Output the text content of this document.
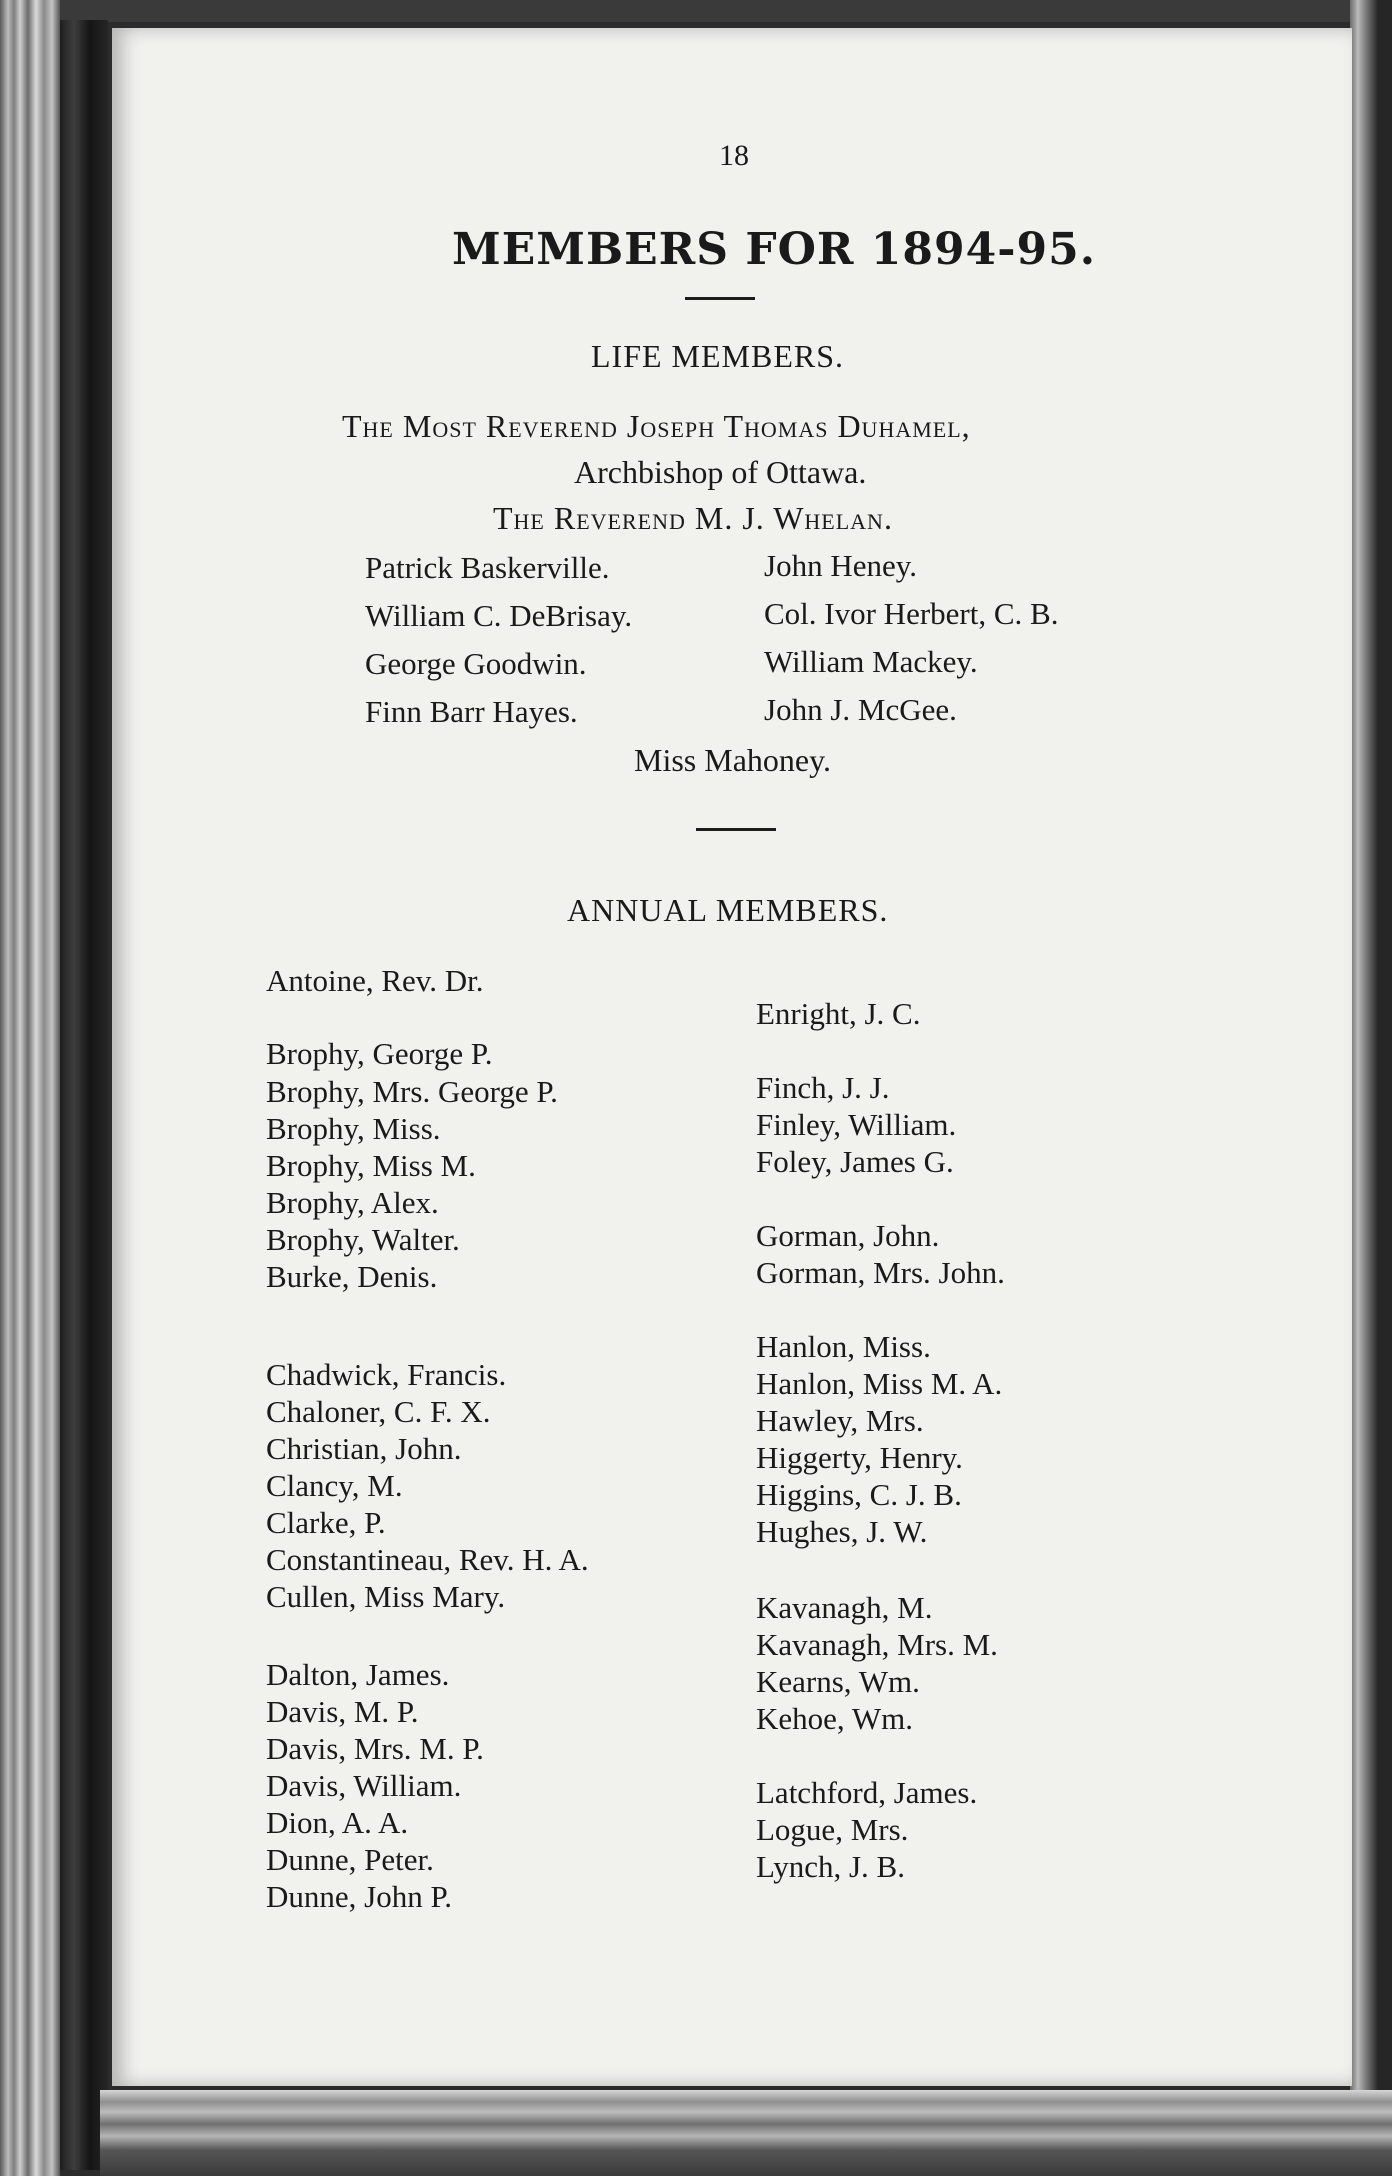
18
MEMBERS FOR 1894-95.
LIFE MEMBERS.
The Most Reverend Joseph Thomas Duhamel,
Archbishop of Ottawa.
The Reverend M. J. Whelan.
Patrick Baskerville.
William C. DeBrisay.
George Goodwin.
Finn Barr Hayes.
John Heney.
Col. Ivor Herbert, C. B.
William Mackey.
John J. McGee.
Miss Mahoney.
ANNUAL MEMBERS.
Antoine, Rev. Dr.
Brophy, George P.
Brophy, Mrs. George P.
Brophy, Miss.
Brophy, Miss M.
Brophy, Alex.
Brophy, Walter.
Burke, Denis.
Chadwick, Francis.
Chaloner, C. F. X.
Christian, John.
Clancy, M.
Clarke, P.
Constantineau, Rev. H. A.
Cullen, Miss Mary.
Dalton, James.
Davis, M. P.
Davis, Mrs. M. P.
Davis, William.
Dion, A. A.
Dunne, Peter.
Dunne, John P.
Enright, J. C.
Finch, J. J.
Finley, William.
Foley, James G.
Gorman, John.
Gorman, Mrs. John.
Hanlon, Miss.
Hanlon, Miss M. A.
Hawley, Mrs.
Higgerty, Henry.
Higgins, C. J. B.
Hughes, J. W.
Kavanagh, M.
Kavanagh, Mrs. M.
Kearns, Wm.
Kehoe, Wm.
Latchford, James.
Logue, Mrs.
Lynch, J. B.
